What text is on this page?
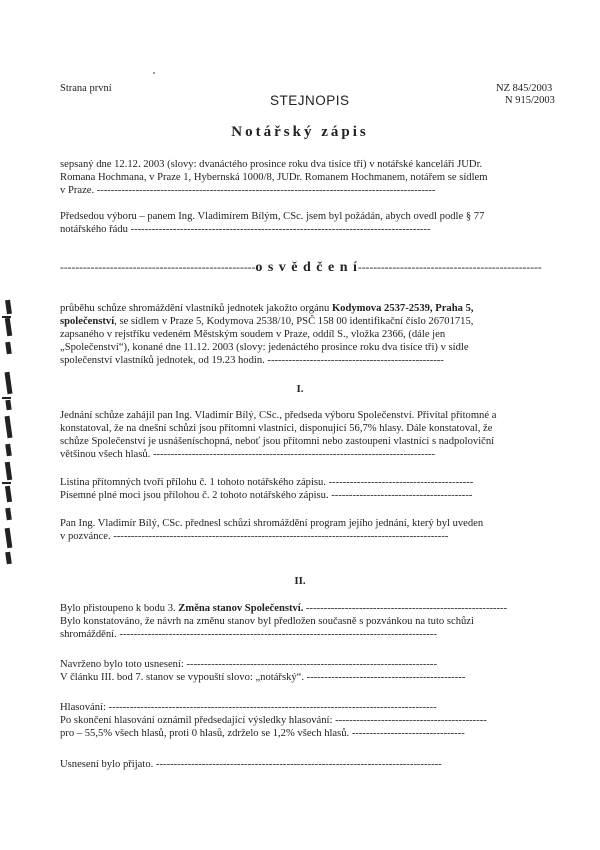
Strana první
STEJNOPIS
NZ 845/2003
N 915/2003
Notářský zápis
sepsaný dne 12.12. 2003 (slovy: dvanáctého prosince roku dva tisíce tři) v notářské kanceláři JUDr.
Romana Hochmana, v Praze 1, Hybernská 1000/8, JUDr. Romanem Hochmanem, notářem se sídlem
v Praze. ------------------------------------------------------------------------------------------------
Předsedou výboru – panem Ing. Vladimírem Bílým, CSc. jsem byl požádán, abych ovedl podle § 77
notářského řádu -------------------------------------------------------------------------------------
---------------------------------------------------o s v ě d č e n í------------------------------------------------
průběhu schůze shromáždění vlastníků jednotek jakožto orgánu Kodymova 2537-2539, Praha 5,
společenství, se sídlem v Praze 5, Kodymova 2538/10, PSČ 158 00 identifikační číslo 26701715,
zapsaného v rejstříku vedeném Městským soudem v Praze, oddíl S., vložka 2366, (dále jen
„Společenství“), konané dne 11.12. 2003 (slovy: jedenáctého prosince roku dva tisíce tři) v sídle
společenství vlastníků jednotek, od 19.23 hodin. --------------------------------------------------
I.
Jednání schůze zahájil pan Ing. Vladimír Bílý, CSc., předseda výboru Společenství. Přivítal přítomné a
konstatoval, že na dnešní schůzi jsou přítomni vlastníci, disponující 56,7% hlasy. Dále konstatoval, že
schůze Společenství je usnášeníschopná, neboť jsou přítomni nebo zastoupeni vlastníci s nadpoloviční
většinou všech hlasů. --------------------------------------------------------------------------------
Listina přítomných tvoří přílohu č. 1 tohoto notářského zápisu. -----------------------------------------
Písemné plné moci jsou přílohou č. 2 tohoto notářského zápisu. ----------------------------------------
Pan Ing. Vladimír Bílý, CSc. přednesl schůzi shromáždění program jejího jednání, který byl uveden
v pozvánce. -----------------------------------------------------------------------------------------------
II.
Bylo přistoupeno k bodu 3. Změna stanov Společenství. ---------------------------------------------------------
Bylo konstatováno, že návrh na změnu stanov byl předložen současně s pozvánkou na tuto schůzi
shromáždění. ------------------------------------------------------------------------------------------
Navrženo bylo toto usnesení: -----------------------------------------------------------------------
V článku III. bod 7. stanov se vypouští slovo: „notářský“. ---------------------------------------------
Hlasování: ---------------------------------------------------------------------------------------------
Po skončení hlasování oznámil předsedající výsledky hlasování: -------------------------------------------
pro – 55,5% všech hlasů, proti 0 hlasů, zdrželo se 1,2% všech hlasů. --------------------------------
Usnesení bylo přijato. ---------------------------------------------------------------------------------
